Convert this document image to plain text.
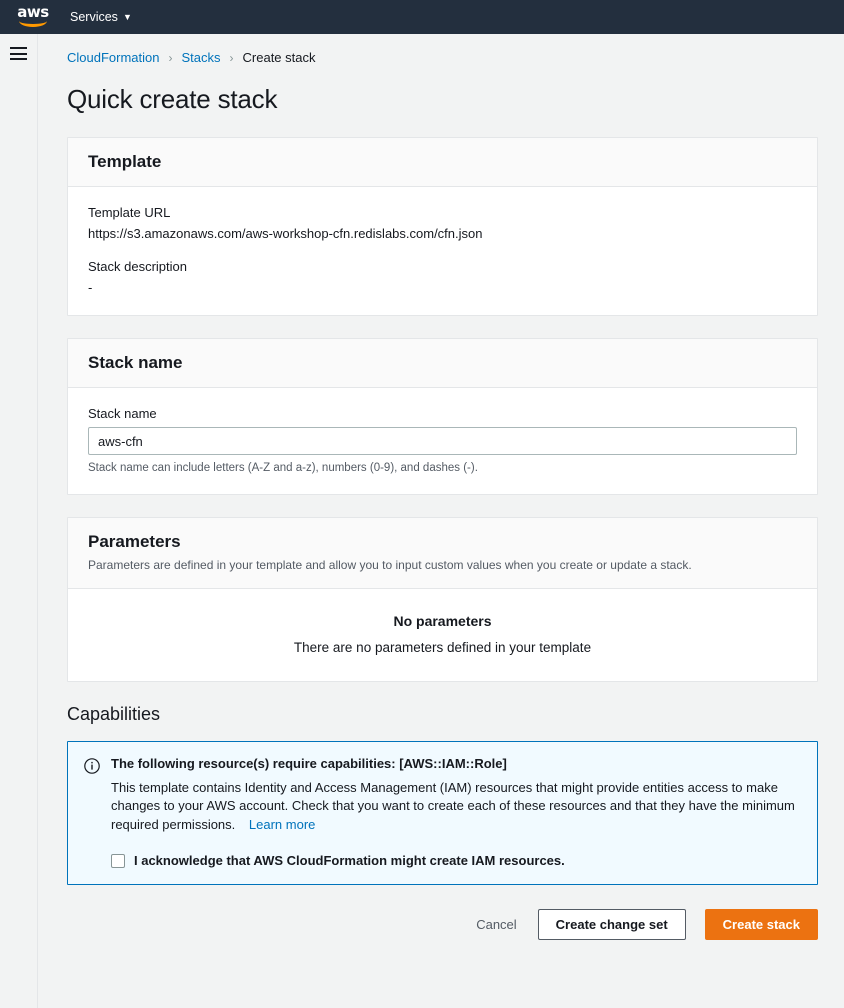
aws Services ▼
CloudFormation › Stacks › Create stack
Quick create stack
Template
Template URL
https://s3.amazonaws.com/aws-workshop-cfn.redislabs.com/cfn.json
Stack description
-
Stack name
Stack name
aws-cfn
Stack name can include letters (A-Z and a-z), numbers (0-9), and dashes (-).
Parameters
Parameters are defined in your template and allow you to input custom values when you create or update a stack.
No parameters
There are no parameters defined in your template
Capabilities
The following resource(s) require capabilities: [AWS::IAM::Role]
This template contains Identity and Access Management (IAM) resources that might provide entities access to make changes to your AWS account. Check that you want to create each of these resources and that they have the minimum required permissions. Learn more
I acknowledge that AWS CloudFormation might create IAM resources.
Cancel	Create change set	Create stack
